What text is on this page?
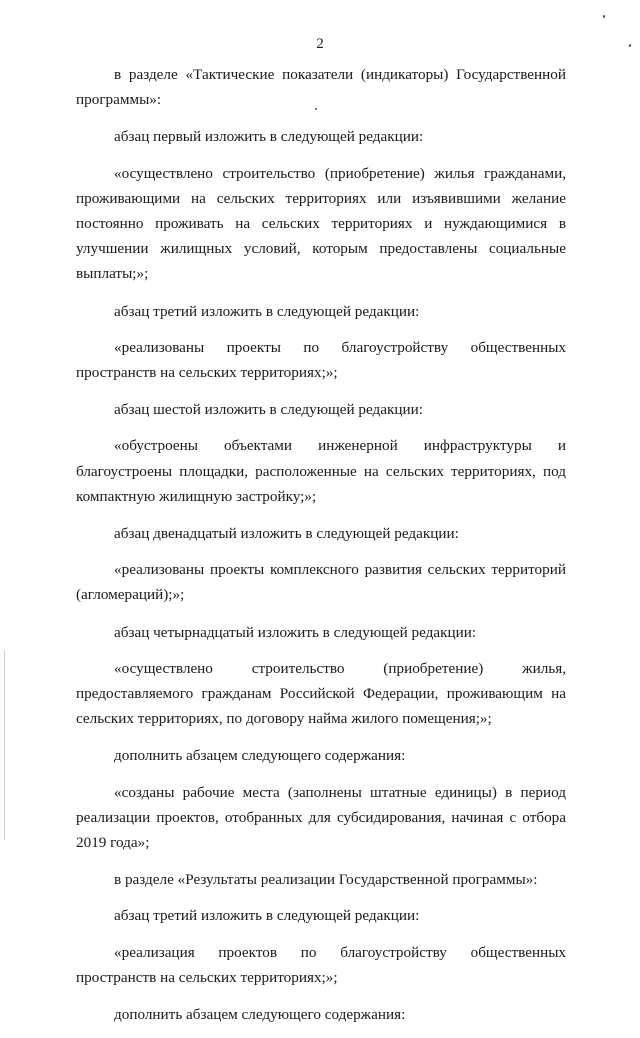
2

в разделе «Тактические показатели (индикаторы) Государственной программы»:

абзац первый изложить в следующей редакции:

«осуществлено строительство (приобретение) жилья гражданами, проживающими на сельских территориях или изъявившими желание постоянно проживать на сельских территориях и нуждающимися в улучшении жилищных условий, которым предоставлены социальные выплаты;»;

абзац третий изложить в следующей редакции:

«реализованы проекты по благоустройству общественных пространств на сельских территориях;»;

абзац шестой изложить в следующей редакции:

«обустроены объектами инженерной инфраструктуры и благоустроены площадки, расположенные на сельских территориях, под компактную жилищную застройку;»;

абзац двенадцатый изложить в следующей редакции:

«реализованы проекты комплексного развития сельских территорий (агломераций);»;

абзац четырнадцатый изложить в следующей редакции:

«осуществлено строительство (приобретение) жилья, предоставляемого гражданам Российской Федерации, проживающим на сельских территориях, по договору найма жилого помещения;»;

дополнить абзацем следующего содержания:

«созданы рабочие места (заполнены штатные единицы) в период реализации проектов, отобранных для субсидирования, начиная с отбора 2019 года»;

в разделе «Результаты реализации Государственной программы»:

абзац третий изложить в следующей редакции:

«реализация проектов по благоустройству общественных пространств на сельских территориях;»;

дополнить абзацем следующего содержания:
